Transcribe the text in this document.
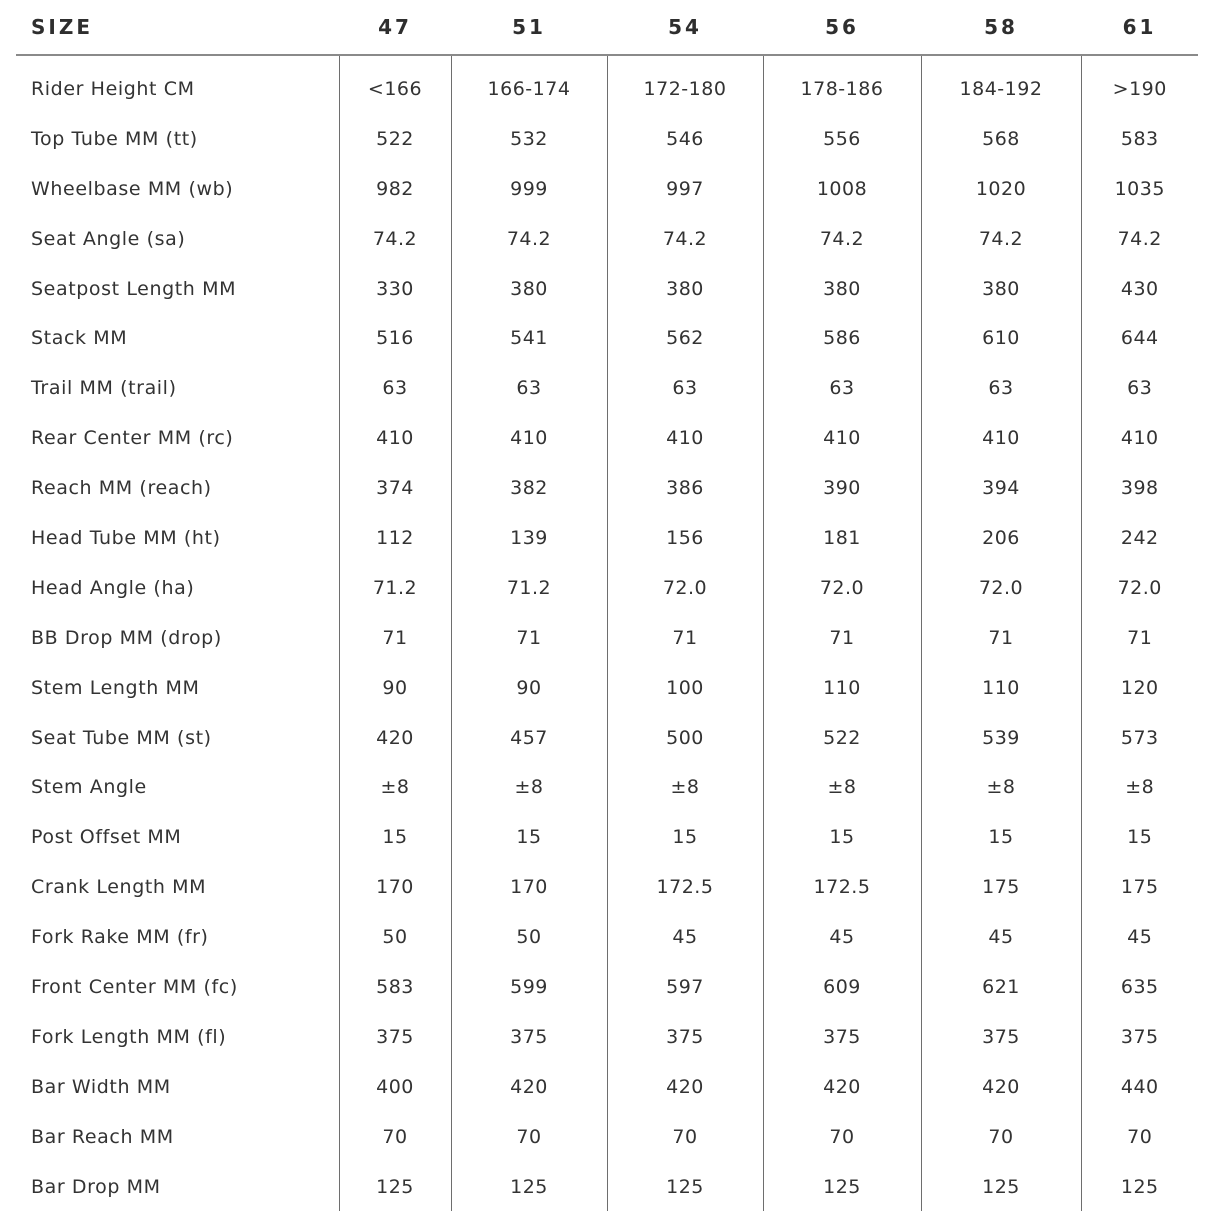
SIZE	47	51	54	56	58	61
Rider Height CM	<166	166-174	172-180	178-186	184-192	>190
Top Tube MM (tt)	522	532	546	556	568	583
Wheelbase MM (wb)	982	999	997	1008	1020	1035
Seat Angle (sa)	74.2	74.2	74.2	74.2	74.2	74.2
Seatpost Length MM	330	380	380	380	380	430
Stack MM	516	541	562	586	610	644
Trail MM (trail)	63	63	63	63	63	63
Rear Center MM (rc)	410	410	410	410	410	410
Reach MM (reach)	374	382	386	390	394	398
Head Tube MM (ht)	112	139	156	181	206	242
Head Angle (ha)	71.2	71.2	72.0	72.0	72.0	72.0
BB Drop MM (drop)	71	71	71	71	71	71
Stem Length MM	90	90	100	110	110	120
Seat Tube MM (st)	420	457	500	522	539	573
Stem Angle	±8	±8	±8	±8	±8	±8
Post Offset MM	15	15	15	15	15	15
Crank Length MM	170	170	172.5	172.5	175	175
Fork Rake MM (fr)	50	50	45	45	45	45
Front Center MM (fc)	583	599	597	609	621	635
Fork Length MM (fl)	375	375	375	375	375	375
Bar Width MM	400	420	420	420	420	440
Bar Reach MM	70	70	70	70	70	70
Bar Drop MM	125	125	125	125	125	125
